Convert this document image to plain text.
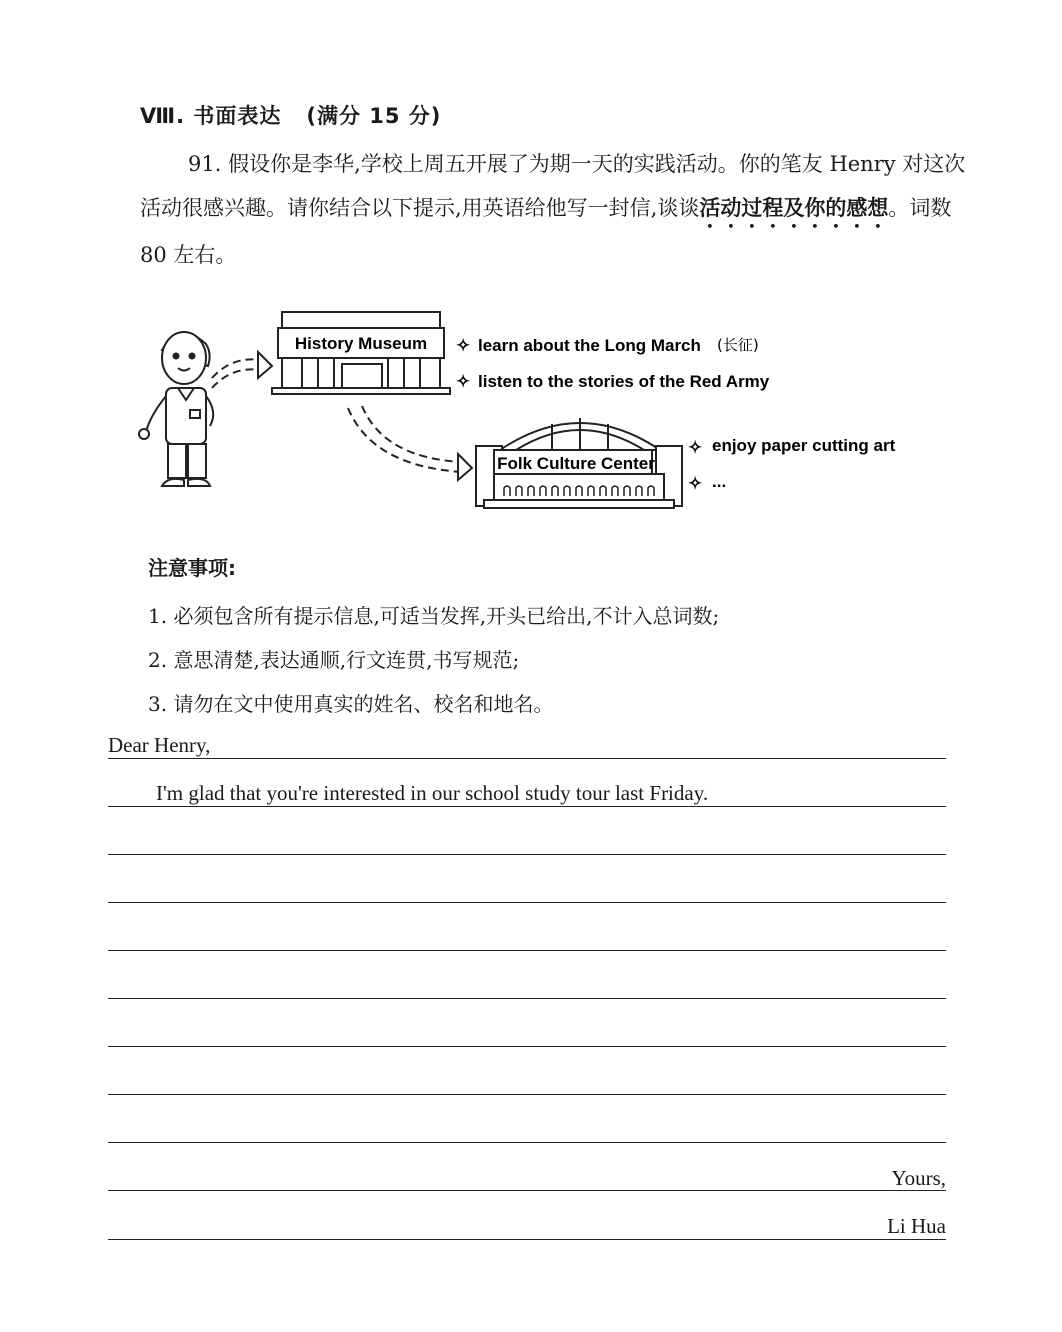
Ⅷ. 书面表达 (满分 15 分)

91. 假设你是李华,学校上周五开展了为期一天的实践活动。你的笔友 Henry 对这次活动很感兴趣。请你结合以下提示,用英语给他写一封信,谈谈活动过程及你的感想。词数 80 左右。

History Museum ✧ learn about the Long March (长征)
✧ listen to the stories of the Red Army
Folk Culture Center
✧ enjoy paper cutting art
✧ ...
注意事项:
1. 必须包含所有提示信息,可适当发挥,开头已给出,不计入总词数;
2. 意思清楚,表达通顺,行文连贯,书写规范;
3. 请勿在文中使用真实的姓名、校名和地名。
Dear Henry,
I'm glad that you're interested in our school study tour last Friday.
Yours,
Li Hua
